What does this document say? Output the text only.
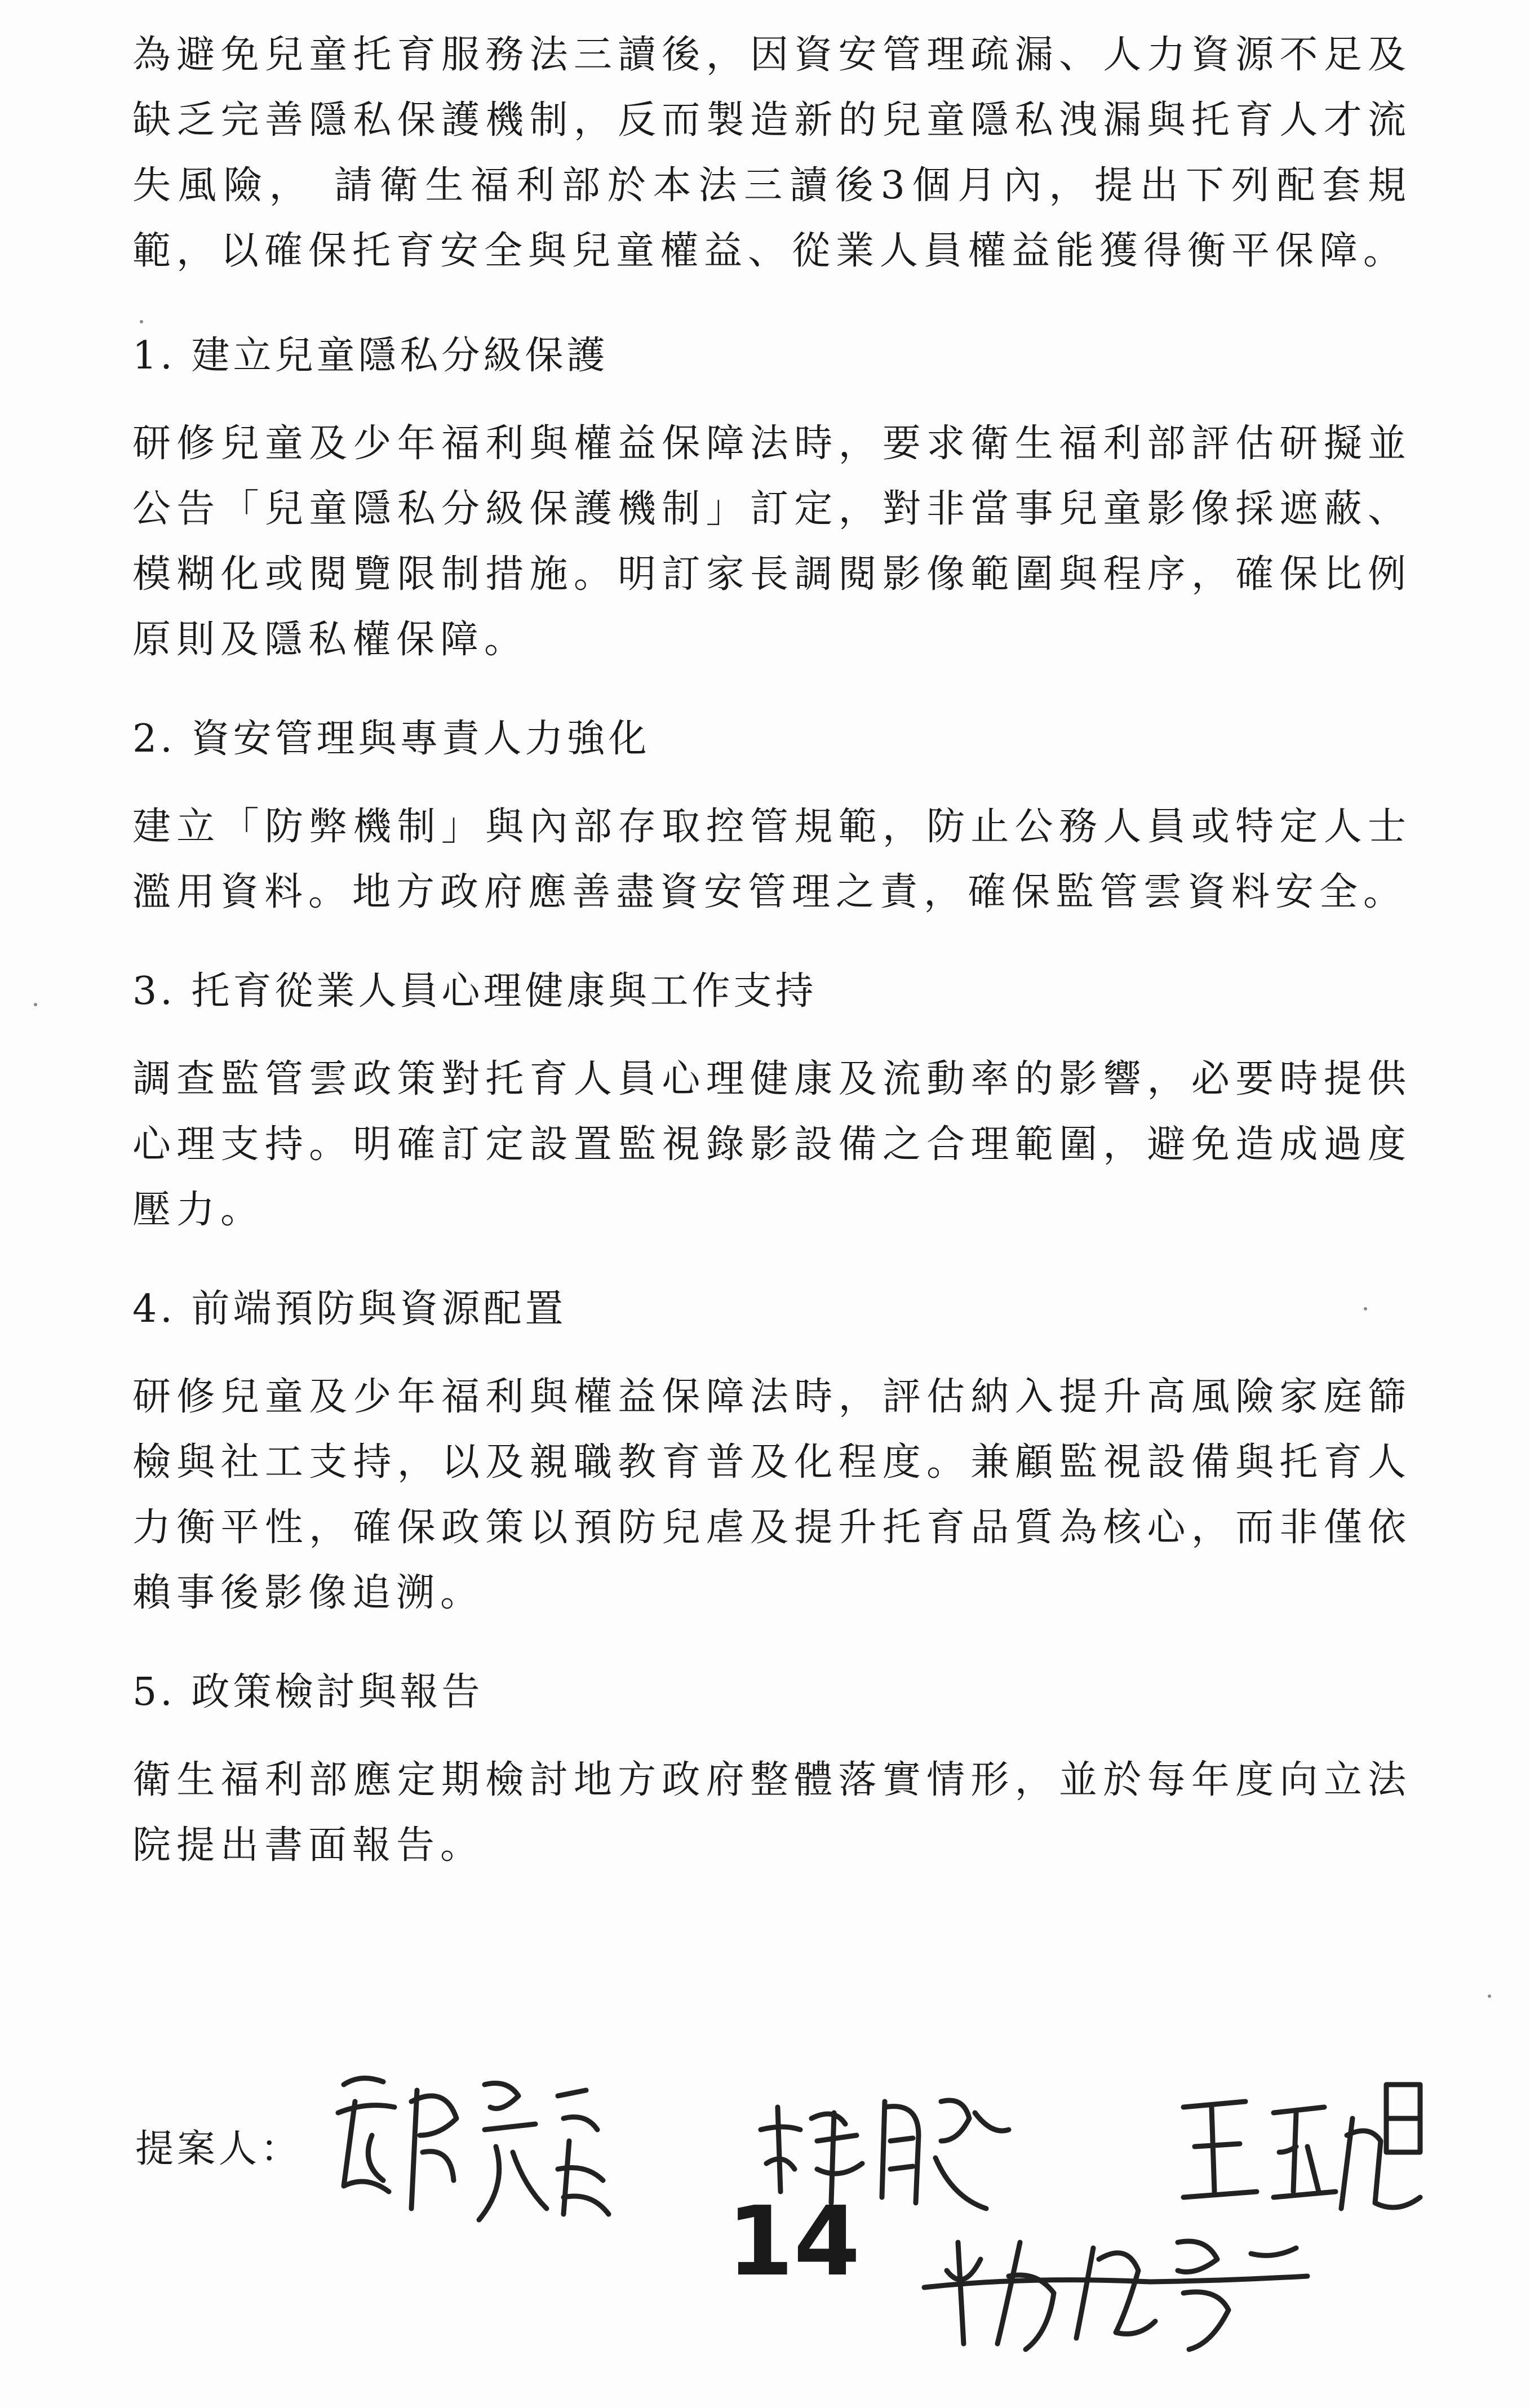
為避免兒童托育服務法三讀後，因資安管理疏漏、人力資源不足及缺乏完善隱私保護機制，反而製造新的兒童隱私洩漏與托育人才流失風險， 請衛生福利部於本法三讀後3個月內，提出下列配套規範，以確保托育安全與兒童權益、從業人員權益能獲得衡平保障。

1. 建立兒童隱私分級保護

研修兒童及少年福利與權益保障法時，要求衛生福利部評估研擬並公告「兒童隱私分級保護機制」訂定，對非當事兒童影像採遮蔽、模糊化或閱覽限制措施。明訂家長調閱影像範圍與程序，確保比例原則及隱私權保障。

2. 資安管理與專責人力強化

建立「防弊機制」與內部存取控管規範，防止公務人員或特定人士濫用資料。地方政府應善盡資安管理之責，確保監管雲資料安全。

3. 托育從業人員心理健康與工作支持

調查監管雲政策對托育人員心理健康及流動率的影響，必要時提供心理支持。明確訂定設置監視錄影設備之合理範圍，避免造成過度壓力。

4. 前端預防與資源配置

研修兒童及少年福利與權益保障法時，評估納入提升高風險家庭篩檢與社工支持，以及親職教育普及化程度。兼顧監視設備與托育人力衡平性，確保政策以預防兒虐及提升托育品質為核心，而非僅依賴事後影像追溯。

5. 政策檢討與報告

衛生福利部應定期檢討地方政府整體落實情形，並於每年度向立法院提出書面報告。

提案人：
14
